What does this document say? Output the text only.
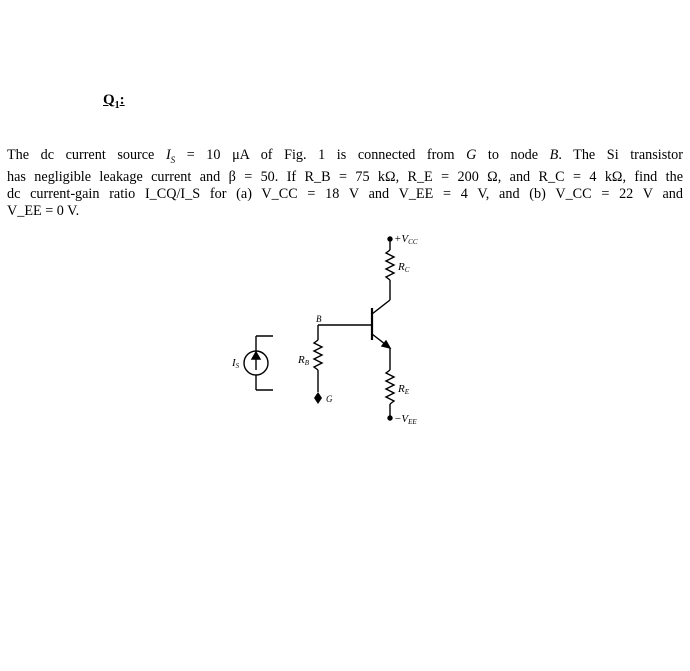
$Q_1$:
The dc current source $I_S = 10$ μA of Fig. 1 is connected from G to node B. The Si transistor
has negligible leakage current and β = 50. If R_B = 75 kΩ, R_E = 200 Ω, and R_C = 4 kΩ, find the
dc current-gain ratio I_CQ/I_S for (a) V_CC = 18 V and V_EE = 4 V, and (b) V_CC = 22 V and
V_EE = 0 V.
+VCC
RC
B
RB
IS
RE
G
−VEE
